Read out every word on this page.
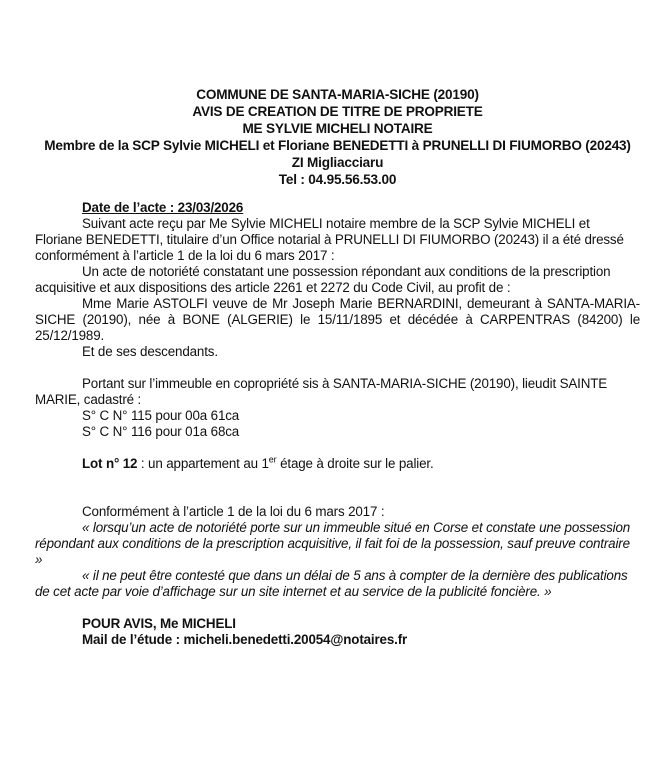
COMMUNE DE SANTA-MARIA-SICHE (20190)
AVIS DE CREATION DE TITRE DE PROPRIETE
ME SYLVIE MICHELI NOTAIRE
Membre de la SCP Sylvie MICHELI et Floriane BENEDETTI à PRUNELLI DI FIUMORBO (20243)
ZI Migliacciaru
Tel : 04.95.56.53.00

Date de l’acte : 23/03/2026

Suivant acte reçu par Me Sylvie MICHELI notaire membre de la SCP Sylvie MICHELI et Floriane BENEDETTI, titulaire d’un Office notarial à PRUNELLI DI FIUMORBO (20243) il a été dressé conformément à l’article 1 de la loi du 6 mars 2017 :

Un acte de notoriété constatant une possession répondant aux conditions de la prescription acquisitive et aux dispositions des article 2261 et 2272 du Code Civil, au profit de :

Mme Marie ASTOLFI veuve de Mr Joseph Marie BERNARDINI, demeurant à SANTA-MARIA-SICHE (20190), née à BONE (ALGERIE) le 15/11/1895 et décédée à CARPENTRAS (84200) le 25/12/1989.

Et de ses descendants.

Portant sur l’immeuble en copropriété sis à SANTA-MARIA-SICHE (20190), lieudit SAINTE MARIE, cadastré :

S° C N° 115 pour 00a 61ca

S° C N° 116 pour 01a 68ca

Lot n° 12 : un appartement au 1er étage à droite sur le palier.

Conformément à l’article 1 de la loi du 6 mars 2017 :

« lorsqu’un acte de notoriété porte sur un immeuble situé en Corse et constate une possession répondant aux conditions de la prescription acquisitive, il fait foi de la possession, sauf preuve contraire »

« il ne peut être contesté que dans un délai de 5 ans à compter de la dernière des publications de cet acte par voie d’affichage sur un site internet et au service de la publicité foncière. »

POUR AVIS, Me MICHELI

Mail de l’étude : micheli.benedetti.20054@notaires.fr
